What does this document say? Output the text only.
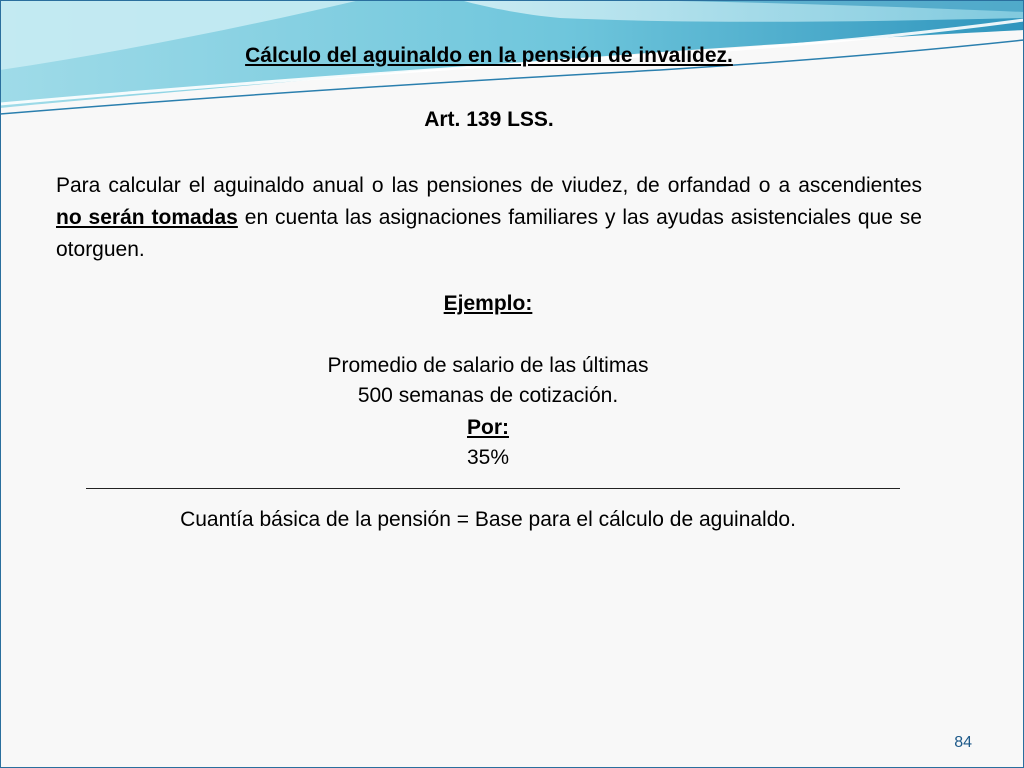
Cálculo del aguinaldo en la pensión de invalidez.
Art. 139 LSS.
Para calcular el aguinaldo anual o las pensiones de viudez, de orfandad o a ascendientes no serán tomadas en cuenta las asignaciones familiares y las ayudas asistenciales que se otorguen.
Ejemplo:
Promedio de salario de las últimas
500 semanas de cotización.
Por:
35%
Cuantía básica de la pensión = Base para el cálculo de aguinaldo.
84
